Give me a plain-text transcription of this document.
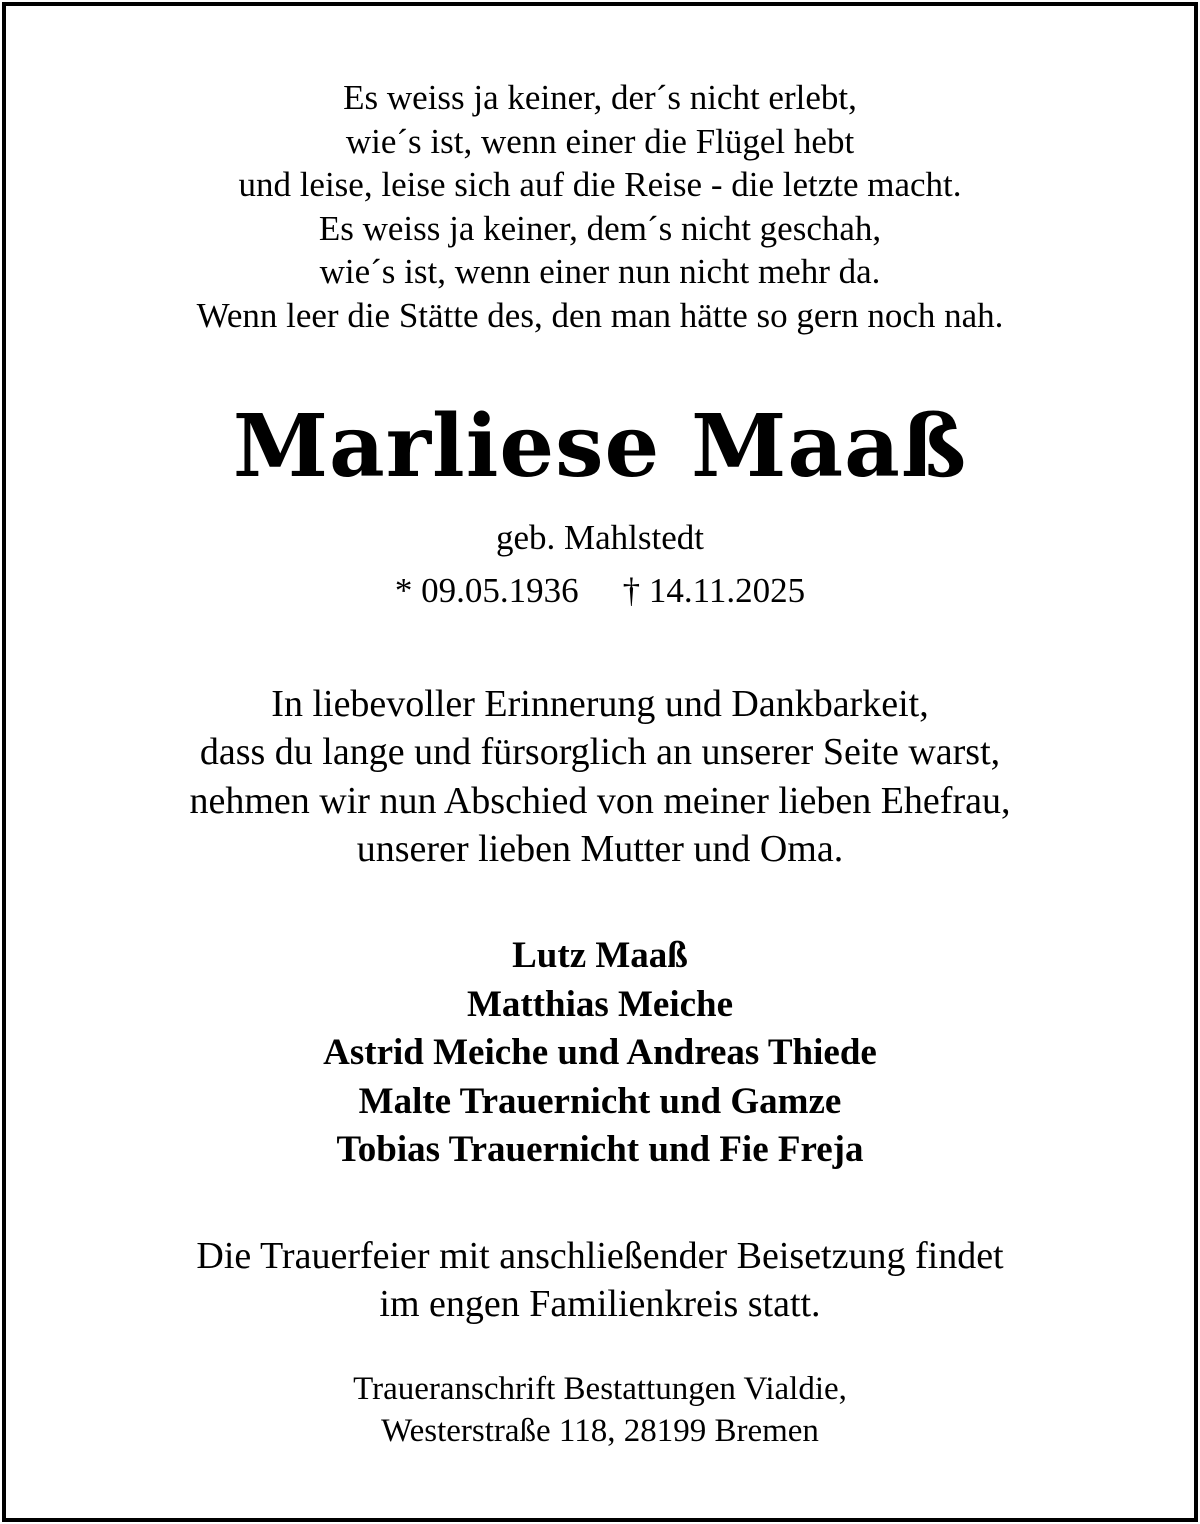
Es weiss ja keiner, der´s nicht erlebt,
wie´s ist, wenn einer die Flügel hebt
und leise, leise sich auf die Reise - die letzte macht.
Es weiss ja keiner, dem´s nicht geschah,
wie´s ist, wenn einer nun nicht mehr da.
Wenn leer die Stätte des, den man hätte so gern noch nah.
Marliese Maaß
geb. Mahlstedt
* 09.05.1936 † 14.11.2025
In liebevoller Erinnerung und Dankbarkeit,
dass du lange und fürsorglich an unserer Seite warst,
nehmen wir nun Abschied von meiner lieben Ehefrau,
unserer lieben Mutter und Oma.
Lutz Maaß
Matthias Meiche
Astrid Meiche und Andreas Thiede
Malte Trauernicht und Gamze
Tobias Trauernicht und Fie Freja
Die Trauerfeier mit anschließender Beisetzung findet
im engen Familienkreis statt.
Traueranschrift Bestattungen Vialdie,
Westerstraße 118, 28199 Bremen
